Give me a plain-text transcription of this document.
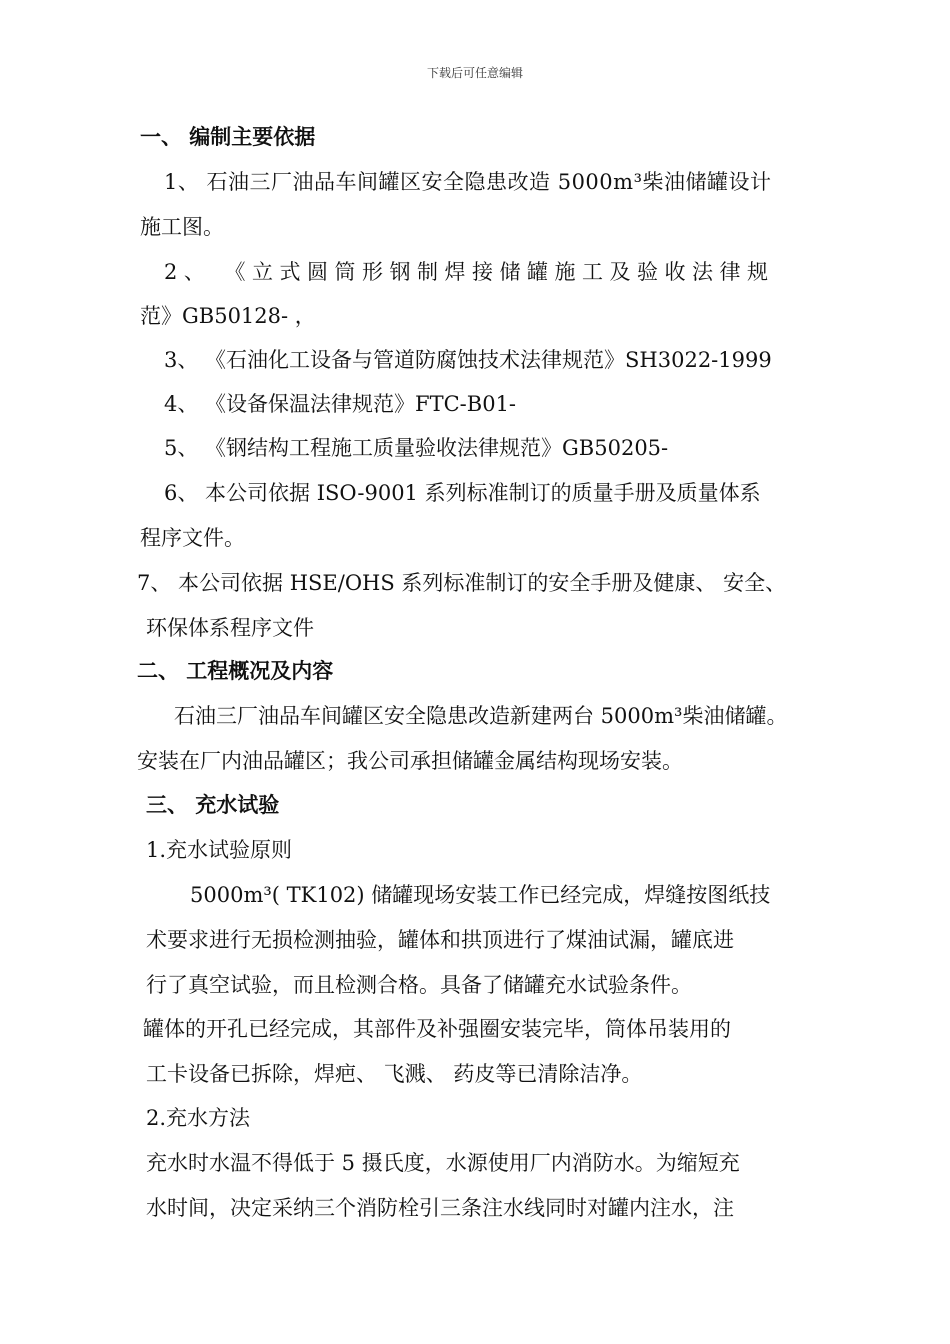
下载后可任意编辑
一、 编制主要依据
1、 石油三厂油品车间罐区安全隐患改造 5000m³柴油储罐设计
施工图。
2、 《立式圆筒形钢制焊接储罐施工及验收法律规
范》GB50128- ，
3、 《石油化工设备与管道防腐蚀技术法律规范》SH3022-1999
4、 《设备保温法律规范》FTC-B01-
5、 《钢结构工程施工质量验收法律规范》GB50205-
6、 本公司依据 ISO-9001 系列标准制订的质量手册及质量体系
程序文件。
7、 本公司依据 HSE/OHS 系列标准制订的安全手册及健康、 安全、
环保体系程序文件
二、 工程概况及内容
石油三厂油品车间罐区安全隐患改造新建两台 5000m³柴油储罐。
安装在厂内油品罐区；我公司承担储罐金属结构现场安装。
三、 充水试验
1.充水试验原则
5000m³( TK102) 储罐现场安装工作已经完成，焊缝按图纸技
术要求进行无损检测抽验，罐体和拱顶进行了煤油试漏，罐底进
行了真空试验，而且检测合格。具备了储罐充水试验条件。
罐体的开孔已经完成，其部件及补强圈安装完毕，筒体吊装用的
工卡设备已拆除，焊疤、 飞溅、 药皮等已清除洁净。
2.充水方法
充水时水温不得低于 5 摄氏度，水源使用厂内消防水。为缩短充
水时间，决定采纳三个消防栓引三条注水线同时对罐内注水，注
